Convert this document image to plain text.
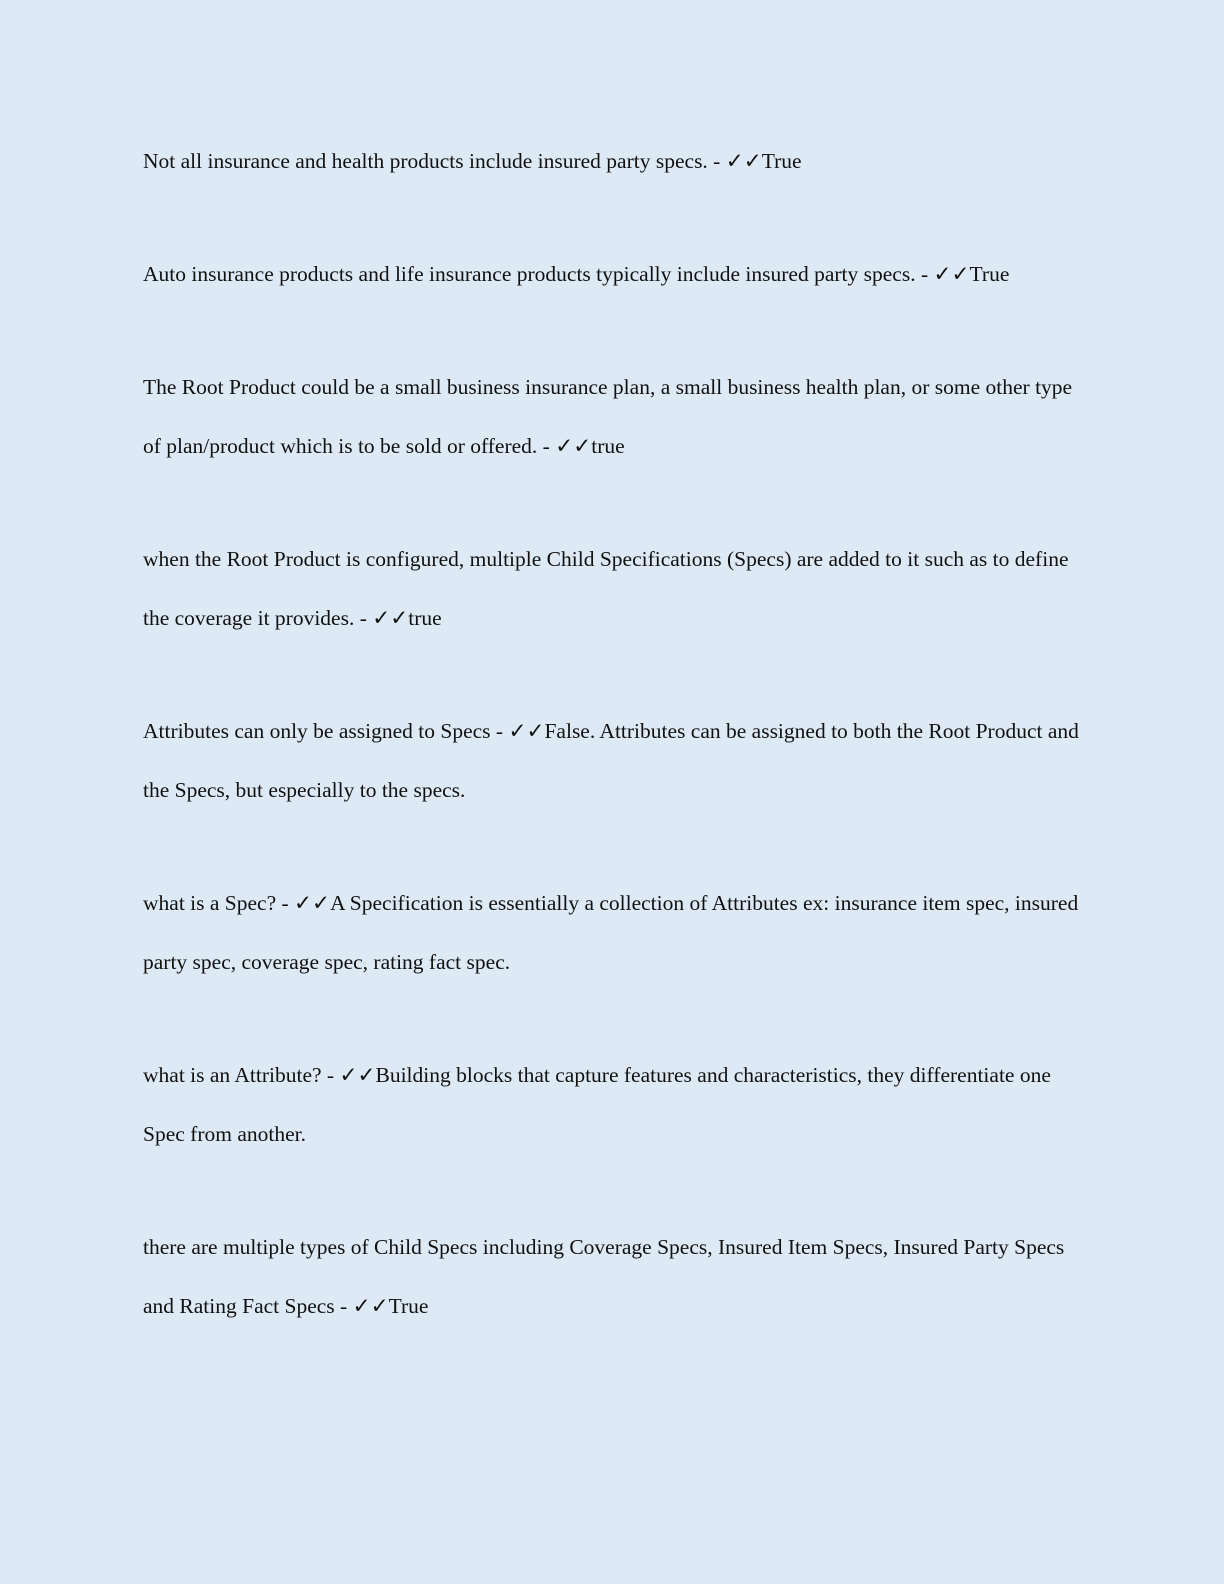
Not all insurance and health products include insured party specs. - ✓✓True

Auto insurance products and life insurance products typically include insured party specs. - ✓✓True

The Root Product could be a small business insurance plan, a small business health plan, or some other type of plan/product which is to be sold or offered. - ✓✓true

when the Root Product is configured, multiple Child Specifications (Specs) are added to it such as to define the coverage it provides. - ✓✓true

Attributes can only be assigned to Specs - ✓✓False. Attributes can be assigned to both the Root Product and the Specs, but especially to the specs.

what is a Spec? - ✓✓A Specification is essentially a collection of Attributes ex: insurance item spec, insured party spec, coverage spec, rating fact spec.

what is an Attribute? - ✓✓Building blocks that capture features and characteristics, they differentiate one Spec from another.

there are multiple types of Child Specs including Coverage Specs, Insured Item Specs, Insured Party Specs and Rating Fact Specs - ✓✓True
